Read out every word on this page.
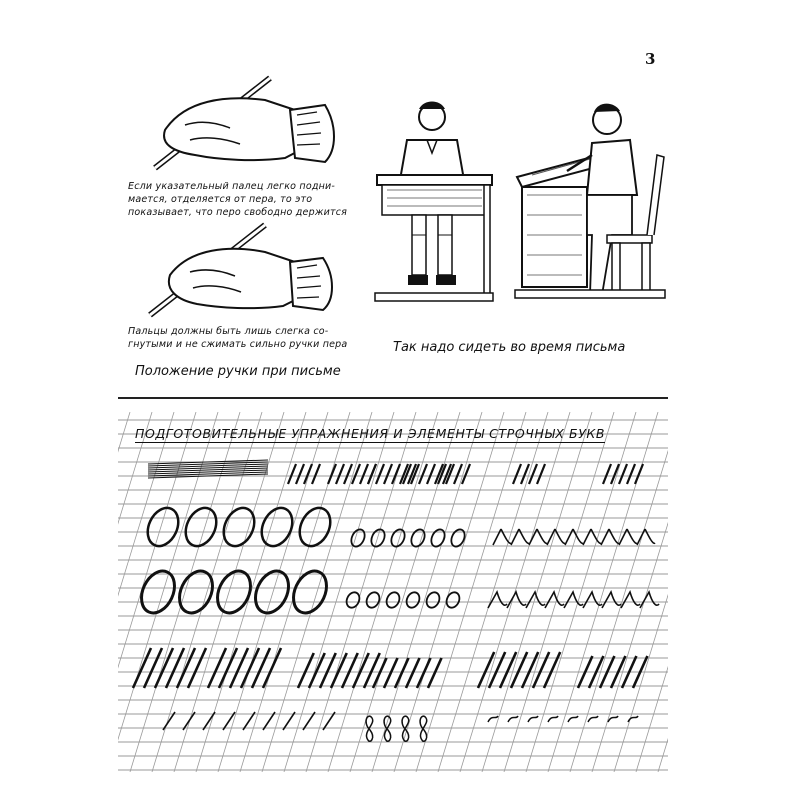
3
Если указательный палец легко подни-
мается, отделяется от пера, то это
показывает, что перо свободно держится
Пальцы должны быть лишь слегка со-
гнутыми и не сжимать сильно ручки пера
Положение ручки при письме
Так надо сидеть во время письма
ПОДГОТОВИТЕЛЬНЫЕ УПРАЖНЕНИЯ И ЭЛЕМЕНТЫ СТРОЧНЫХ БУКВ
